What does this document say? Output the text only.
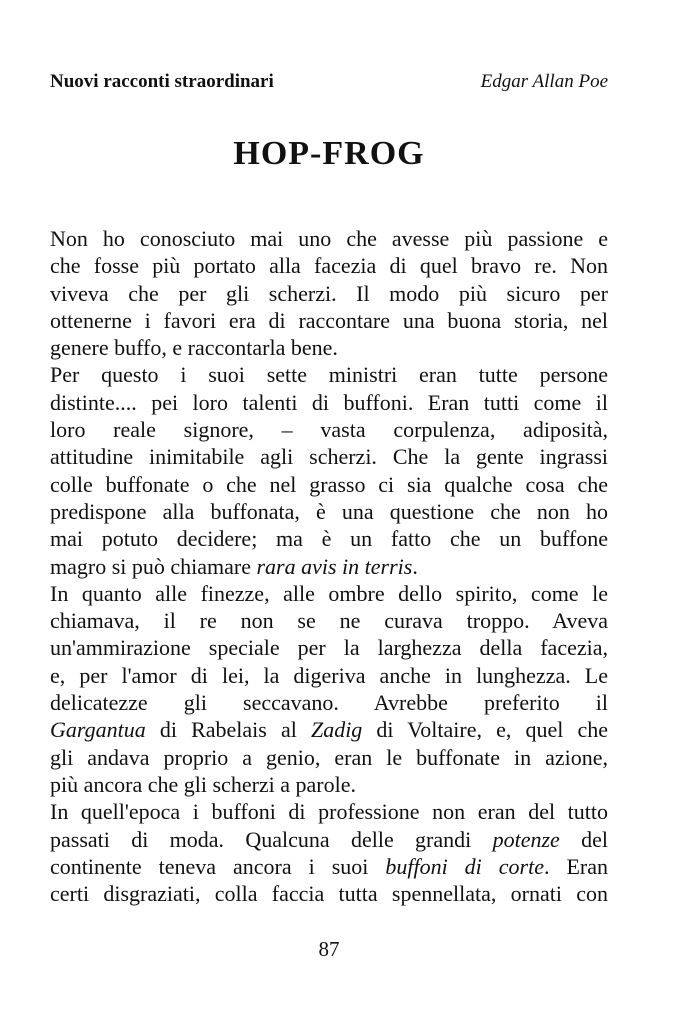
Nuovi racconti straordinari	Edgar Allan Poe
HOP-FROG
Non ho conosciuto mai uno che avesse più passione e
che fosse più portato alla facezia di quel bravo re. Non
viveva che per gli scherzi. Il modo più sicuro per
ottenerne i favori era di raccontare una buona storia, nel
genere buffo, e raccontarla bene.
Per questo i suoi sette ministri eran tutte persone
distinte.... pei loro talenti di buffoni. Eran tutti come il
loro reale signore, – vasta corpulenza, adiposità,
attitudine inimitabile agli scherzi. Che la gente ingrassi
colle buffonate o che nel grasso ci sia qualche cosa che
predispone alla buffonata, è una questione che non ho
mai potuto decidere; ma è un fatto che un buffone
magro si può chiamare rara avis in terris.
In quanto alle finezze, alle ombre dello spirito, come le
chiamava, il re non se ne curava troppo. Aveva
un'ammirazione speciale per la larghezza della facezia,
e, per l'amor di lei, la digeriva anche in lunghezza. Le
delicatezze gli seccavano. Avrebbe preferito il
Gargantua di Rabelais al Zadig di Voltaire, e, quel che
gli andava proprio a genio, eran le buffonate in azione,
più ancora che gli scherzi a parole.
In quell'epoca i buffoni di professione non eran del tutto
passati di moda. Qualcuna delle grandi potenze del
continente teneva ancora i suoi buffoni di corte. Eran
certi disgraziati, colla faccia tutta spennellata, ornati con
87
